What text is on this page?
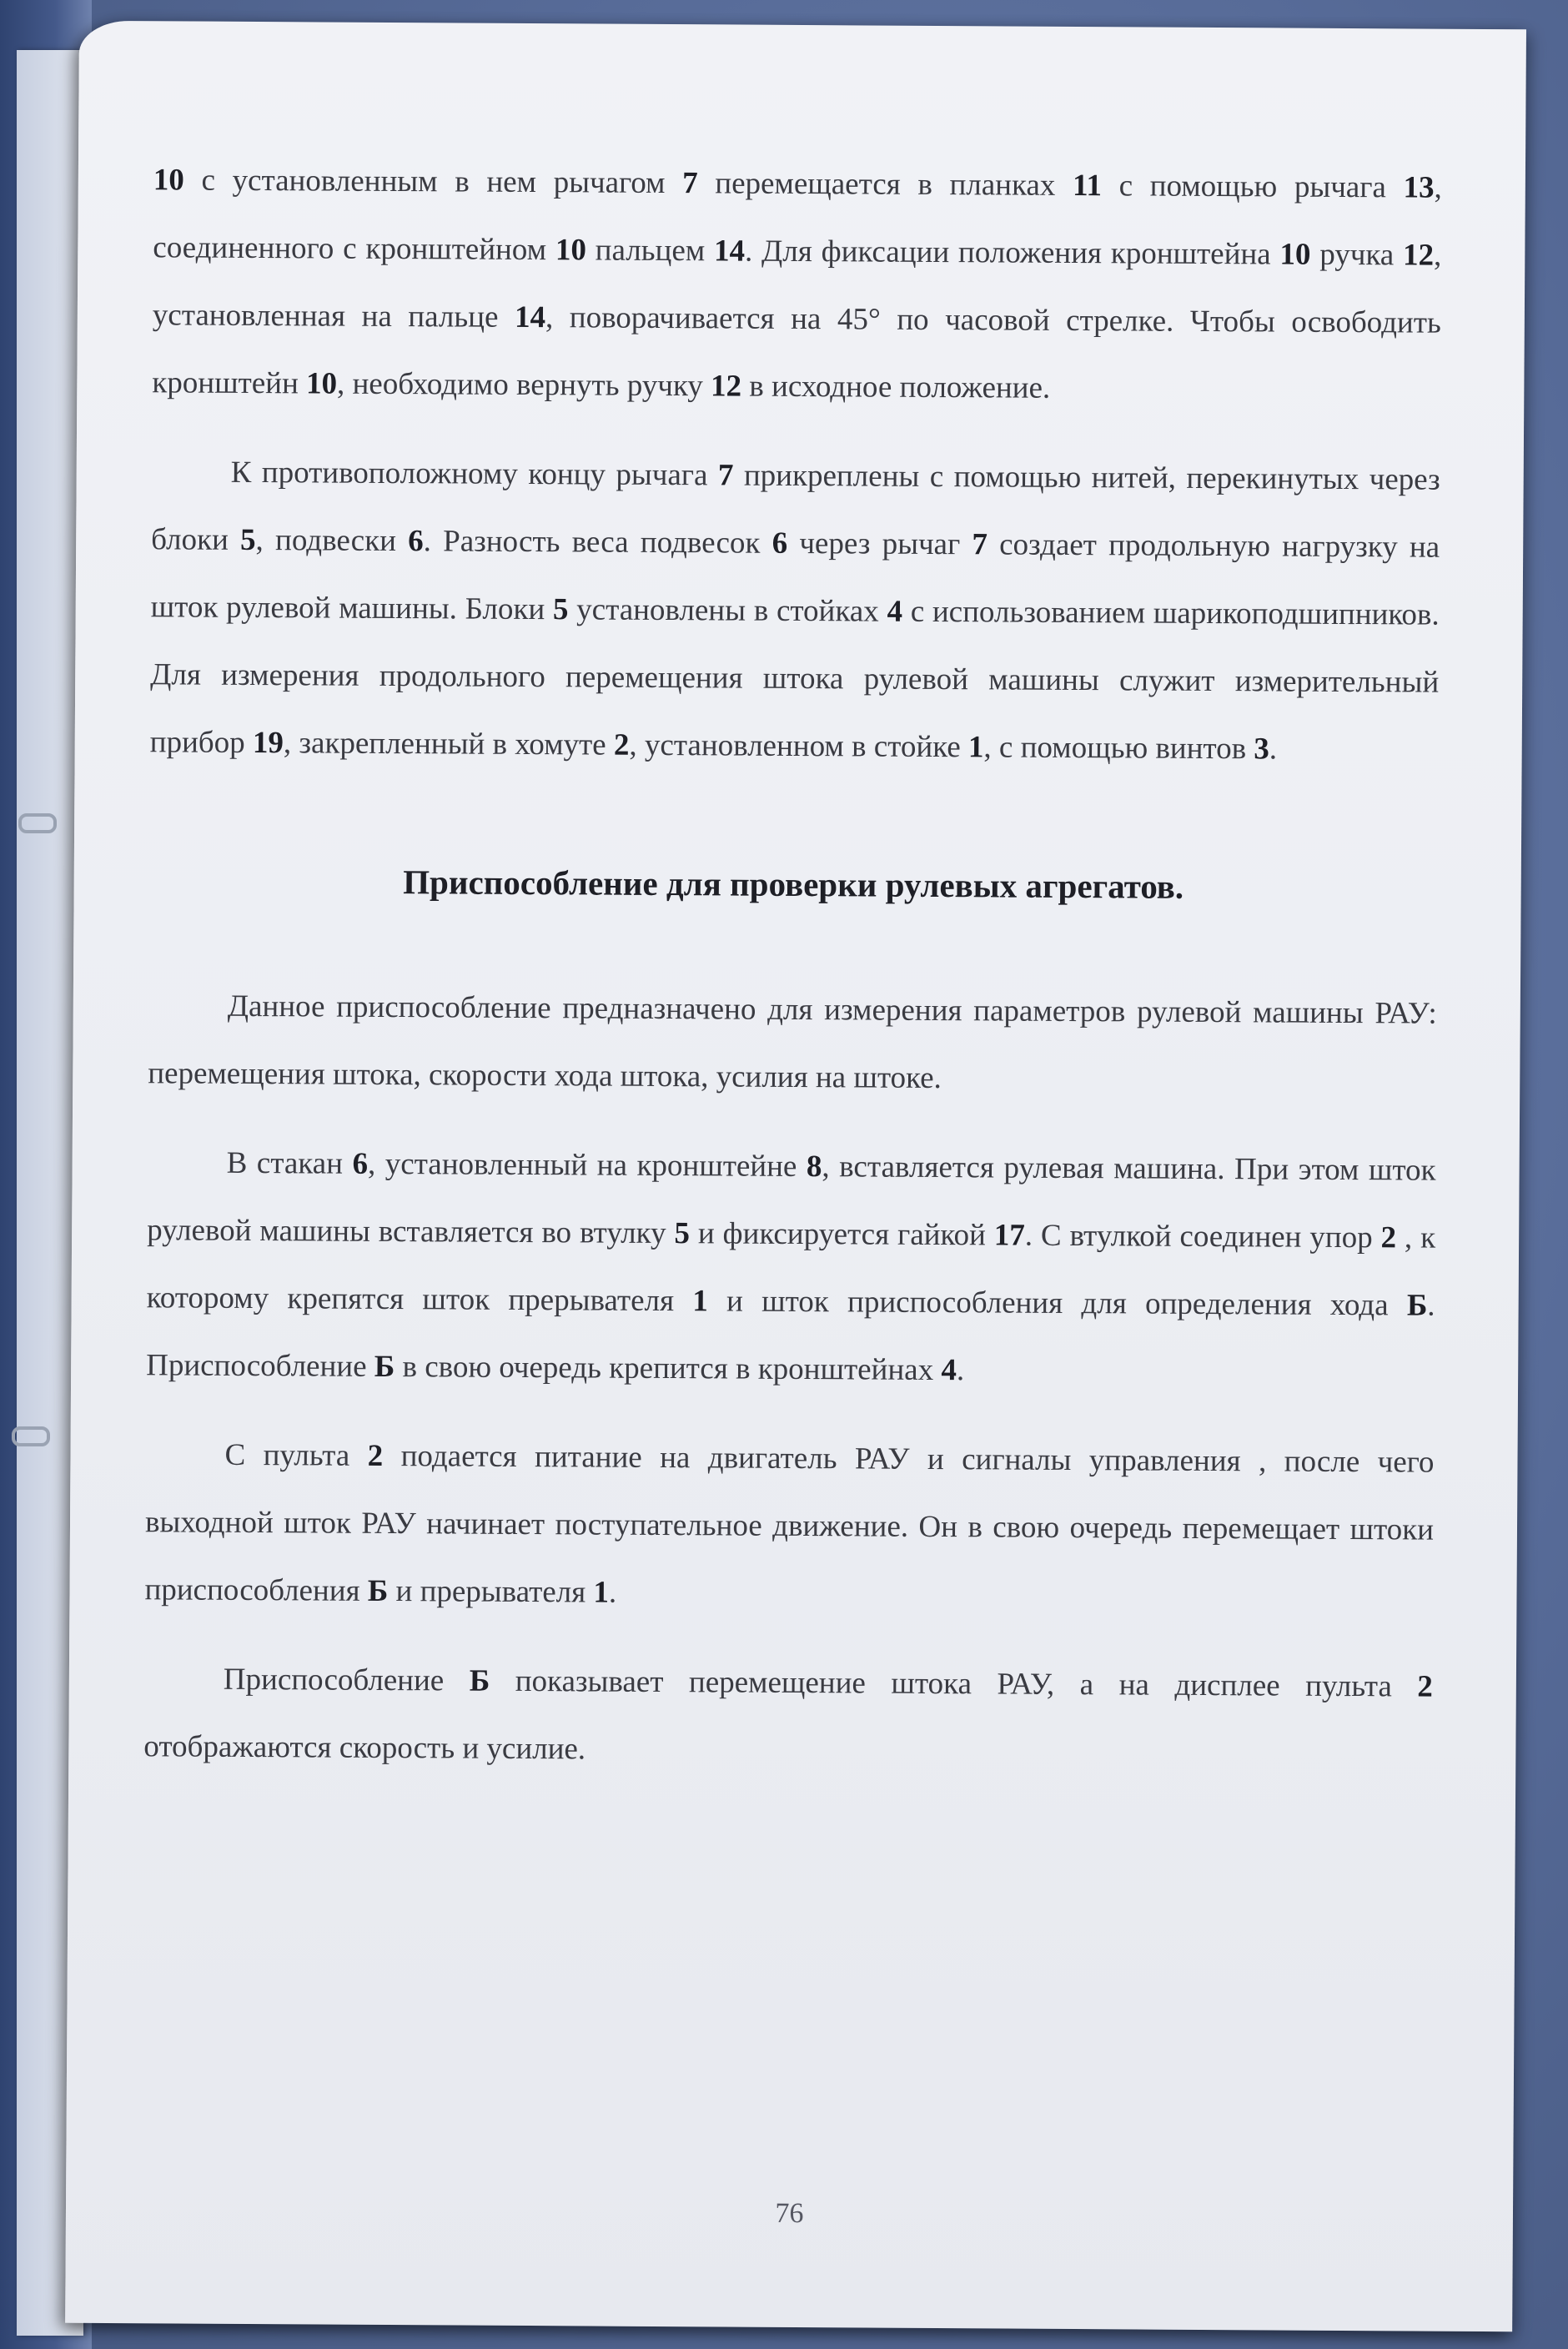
10 с установленным в нем рычагом 7 перемещается в планках 11 с помощью рычага 13, соединенного с кронштейном 10 пальцем 14. Для фиксации положения кронштейна 10 ручка 12, установленная на пальце 14, поворачивается на 45° по часовой стрелке. Чтобы освободить кронштейн 10, необходимо вернуть ручку 12 в исходное положение.

К противоположному концу рычага 7 прикреплены с помощью нитей, перекинутых через блоки 5, подвески 6. Разность веса подвесок 6 через рычаг 7 создает продольную нагрузку на шток рулевой машины. Блоки 5 установлены в стойках 4 с использованием шарикоподшипников. Для измерения продольного перемещения штока рулевой машины служит измерительный прибор 19, закрепленный в хомуте 2, установленном в стойке 1, с помощью винтов 3.

Приспособление для проверки рулевых агрегатов.

Данное приспособление предназначено для измерения параметров рулевой машины РАУ: перемещения штока, скорости хода штока, усилия на штоке.

В стакан 6, установленный на кронштейне 8, вставляется рулевая машина. При этом шток рулевой машины вставляется во втулку 5 и фиксируется гайкой 17. С втулкой соединен упор 2 , к которому крепятся шток прерывателя 1 и шток приспособления для определения хода Б. Приспособление Б в свою очередь крепится в кронштейнах 4.

С пульта 2 подается питание на двигатель РАУ и сигналы управления , после чего выходной шток РАУ начинает поступательное движение. Он в свою очередь перемещает штоки приспособления Б и прерывателя 1.

Приспособление Б показывает перемещение штока РАУ, а на дисплее пульта 2 отображаются скорость и усилие.

76
